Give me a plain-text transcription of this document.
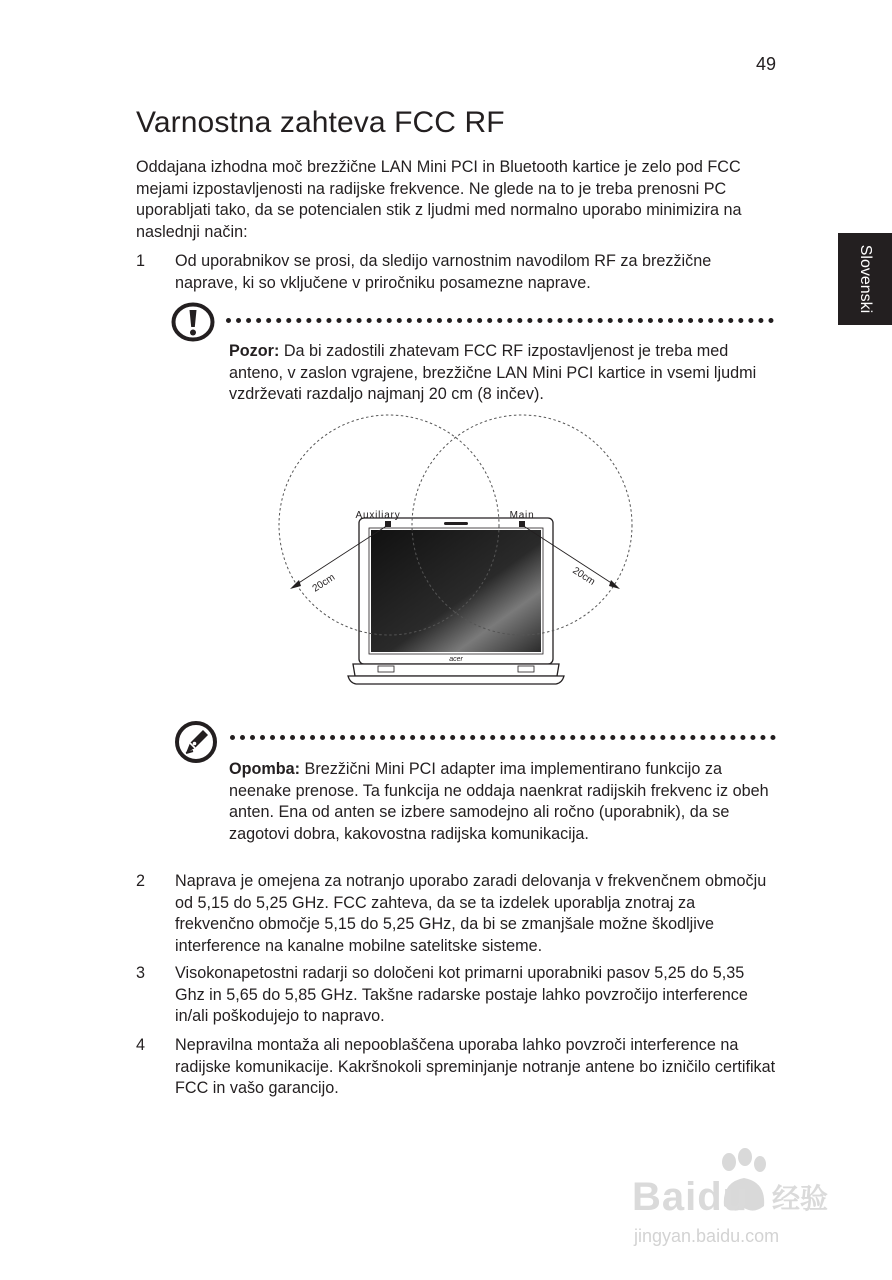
49
Varnostna zahteva FCC RF
Slovenski
Oddajana izhodna moč brezžične LAN Mini PCI in Bluetooth kartice je zelo pod FCC mejami izpostavljenosti na radijske frekvence. Ne glede na to je treba prenosni PC uporabljati tako, da se potencialen stik z ljudmi med normalno uporabo minimizira na naslednji način:
1	Od uporabnikov se prosi, da sledijo varnostnim navodilom RF za brezžične naprave, ki so vključene v priročniku posamezne naprave.
Pozor: Da bi zadostili zhatevam FCC RF izpostavljenost je treba med anteno, v zaslon vgrajene, brezžične LAN Mini PCI kartice in vsemi ljudmi vzdrževati razdaljo najmanj 20 cm (8 inčev).
acer
Auxiliary	Main
20cm	20cm
Opomba: Brezžični Mini PCI adapter ima implementirano funkcijo za neenake prenose. Ta funkcija ne oddaja naenkrat radijskih frekvenc iz obeh anten. Ena od anten se izbere samodejno ali ročno (uporabnik), da se zagotovi dobra, kakovostna radijska komunikacija.
2	Naprava je omejena za notranjo uporabo zaradi delovanja v frekvenčnem območju od 5,15 do 5,25 GHz. FCC zahteva, da se ta izdelek uporablja znotraj za frekvenčno območje 5,15 do 5,25 GHz, da bi se zmanjšale možne škodljive interference na kanalne mobilne satelitske sisteme.
3	Visokonapetostni radarji so določeni kot primarni uporabniki pasov 5,25 do 5,35 Ghz in 5,65 do 5,85 GHz. Takšne radarske postaje lahko povzročijo interference in/ali poškodujejo to napravo.
4	Nepravilna montaža ali nepooblaščena uporaba lahko povzroči interference na radijske komunikacije. Kakršnokoli spreminjanje notranje antene bo izničilo certifikat FCC in vašo garancijo.
Baidu 经验
jingyan.baidu.com
